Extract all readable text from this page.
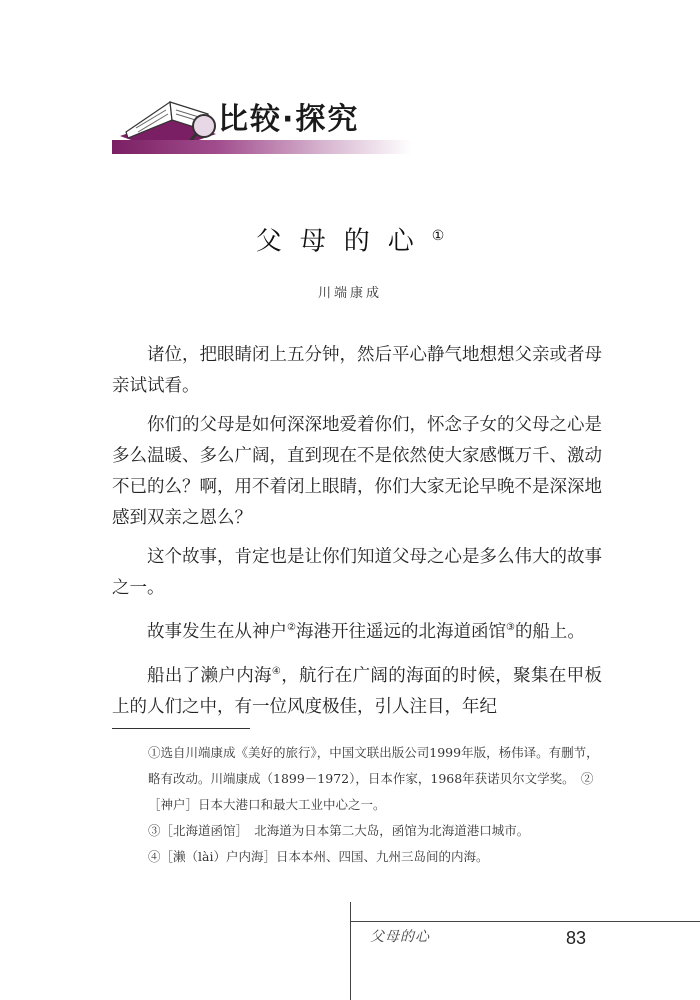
比较·探究
父母的心①
川端康成

诸位，把眼睛闭上五分钟，然后平心静气地想想父亲或者母亲试试看。

你们的父母是如何深深地爱着你们，怀念子女的父母之心是多么温暖、多么广阔，直到现在不是依然使大家感慨万千、激动不已的么？啊，用不着闭上眼睛，你们大家无论早晚不是深深地感到双亲之恩么？

这个故事，肯定也是让你们知道父母之心是多么伟大的故事之一。

故事发生在从神户②海港开往遥远的北海道函馆③的船上。

船出了濑户内海④，航行在广阔的海面的时候，聚集在甲板上的人们之中，有一位风度极佳，引人注目，年纪

①选自川端康成《美好的旅行》，中国文联出版公司1999年版，杨伟译。有删节，略有改动。川端康成（1899－1972），日本作家，1968年获诺贝尔文学奖。　②［神户］日本大港口和最大工业中心之一。

③［北海道函馆］　北海道为日本第二大岛，函馆为北海道港口城市。

④［濑（lài）户内海］日本本州、四国、九州三岛间的内海。

父母的心	83
